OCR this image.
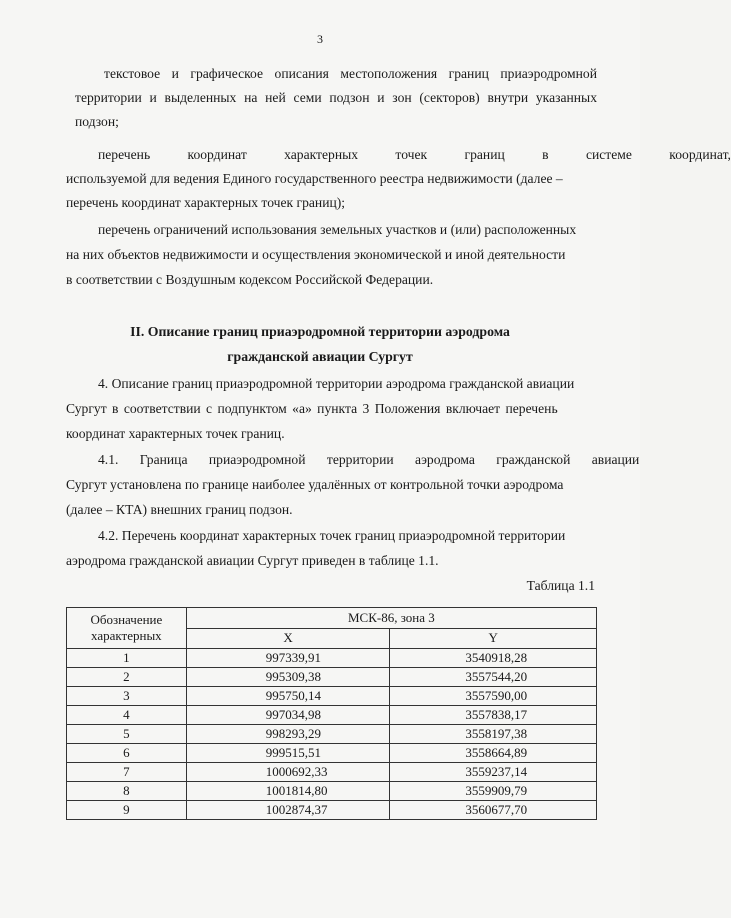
3
текстовое и графическое описания местоположения границ приаэродромной
территории и выделенных на ней семи подзон и зон (секторов) внутри указанных
подзон;
перечень координат характерных точек границ в системе координат,
используемой для ведения Единого государственного реестра недвижимости (далее –
перечень координат характерных точек границ);
перечень ограничений использования земельных участков и (или) расположенных
на них объектов недвижимости и осуществления экономической и иной деятельности
в соответствии с Воздушным кодексом Российской Федерации.
II. Описание границ приаэродромной территории аэродрома
гражданской авиации Сургут
4. Описание границ приаэродромной территории аэродрома гражданской авиации
Сургут в соответствии с подпунктом «а» пункта 3 Положения включает перечень
координат характерных точек границ.
4.1. Граница приаэродромной территории аэродрома гражданской авиации
Сургут установлена по границе наиболее удалённых от контрольной точки аэродрома
(далее – КТА) внешних границ подзон.
4.2. Перечень координат характерных точек границ приаэродромной территории
аэродрома гражданской авиации Сургут приведен в таблице 1.1.
Таблица 1.1
Обозначение
характерных	МСК-86, зона 3	
	X	Y
1	997339,91	3540918,28
2	995309,38	3557544,20
3	995750,14	3557590,00
4	997034,98	3557838,17
5	998293,29	3558197,38
6	999515,51	3558664,89
7	1000692,33	3559237,14
8	1001814,80	3559909,79
9	1002874,37	3560677,70
